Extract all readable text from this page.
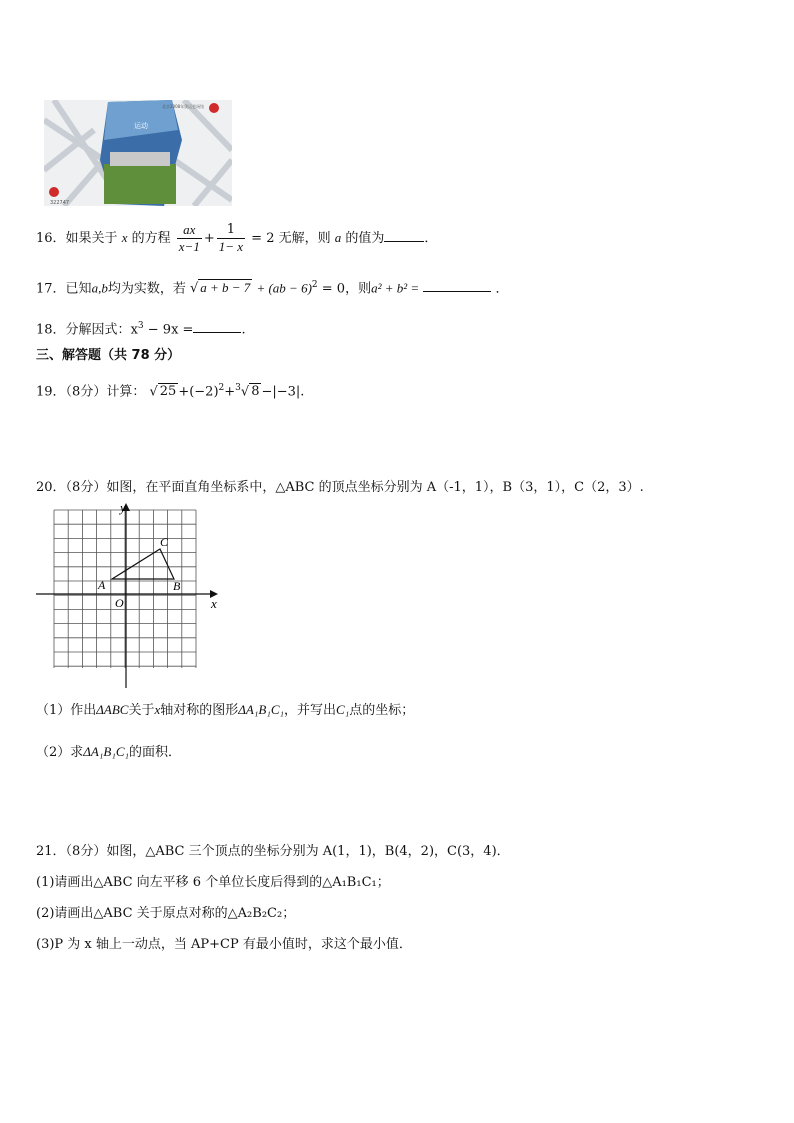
运动
北京2008年奥运会场馆
322747
16．如果关于 x 的方程 $\frac{ax}{x-1} + \frac{1}{1- x} = 2$ 无解，则 a 的值为	．
17．已知a,b均为实数，若 √ a + b − 7 + (ab − 6)$^2$ = 0，则a² + b² =	．
18．分解因式：$x^3 - 9x$ =	.
三、解答题（共 78 分）
19．（8分）计算： √ $25 +(-2)^2+^3√$ 8 −|−3|.
20．（8分）如图，在平面直角坐标系中，△ABC 的顶点坐标分别为 A（-1，1），B（3，1），C（2，3）.
y
x
O
A	B
C
（1）作出ΔABC关于x轴对称的图形ΔA₁B₁C₁，并写出C₁点的坐标；
（2）求ΔA₁B₁C₁的面积．
21．（8分）如图，△ABC 三个顶点的坐标分别为 A(1，1)，B(4，2)，C(3，4)．
(1)请画出△ABC 向左平移 6 个单位长度后得到的△A₁B₁C₁；
(2)请画出△ABC 关于原点对称的△A₂B₂C₂；
(3)P 为 x 轴上一动点，当 AP+CP 有最小值时，求这个最小值．
